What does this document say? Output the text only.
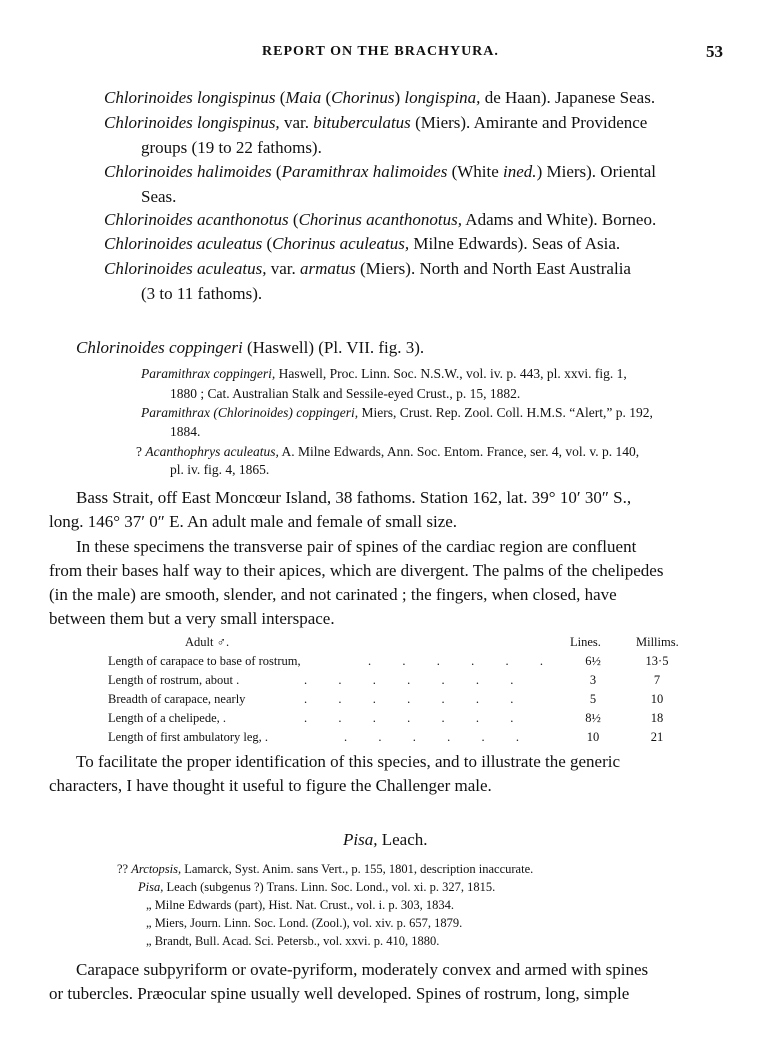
REPORT ON THE BRACHYURA.	53
Chlorinoides longispinus (Maia (Chorinus) longispina, de Haan). Japanese Seas.
Chlorinoides longispinus, var. bituberculatus (Miers). Amirante and Providence
groups (19 to 22 fathoms).
Chlorinoides halimoides (Paramithrax halimoides (White ined.) Miers). Oriental
Seas.
Chlorinoides acanthonotus (Chorinus acanthonotus, Adams and White). Borneo.
Chlorinoides aculeatus (Chorinus aculeatus, Milne Edwards). Seas of Asia.
Chlorinoides aculeatus, var. armatus (Miers). North and North East Australia
(3 to 11 fathoms).
Chlorinoides coppingeri (Haswell) (Pl. VII. fig. 3).
Paramithrax coppingeri, Haswell, Proc. Linn. Soc. N.S.W., vol. iv. p. 443, pl. xxvi. fig. 1,
1880 ; Cat. Australian Stalk and Sessile-eyed Crust., p. 15, 1882.
Paramithrax (Chlorinoides) coppingeri, Miers, Crust. Rep. Zool. Coll. H.M.S. “Alert,” p. 192,
1884.
? Acanthophrys aculeatus, A. Milne Edwards, Ann. Soc. Entom. France, ser. 4, vol. v. p. 140,
pl. iv. fig. 4, 1865.
Bass Strait, off East Moncœur Island, 38 fathoms. Station 162, lat. 39° 10′ 30″ S.,
long. 146° 37′ 0″ E. An adult male and female of small size.
In these specimens the transverse pair of spines of the cardiac region are confluent
from their bases half way to their apices, which are divergent. The palms of the chelipedes
(in the male) are smooth, slender, and not carinated ; the fingers, when closed, have
between them but a very small interspace.
Adult ♂.	Lines.	Millims.
Length of carapace to base of rostrum,	.          .          .          .          .          .	6½	13·5
Length of rostrum, about .	.          .          .          .          .          .          .	3	7
Breadth of carapace, nearly	.          .          .          .          .          .          .	5	10
Length of a chelipede, .	.          .          .          .          .          .          .	8½	18
Length of first ambulatory leg, .	.          .          .          .          .          .	10	21
To facilitate the proper identification of this species, and to illustrate the generic
characters, I have thought it useful to figure the Challenger male.
Pisa, Leach.
?? Arctopsis, Lamarck, Syst. Anim. sans Vert., p. 155, 1801, description inaccurate.
Pisa, Leach (subgenus ?) Trans. Linn. Soc. Lond., vol. xi. p. 327, 1815.
„ Milne Edwards (part), Hist. Nat. Crust., vol. i. p. 303, 1834.
„ Miers, Journ. Linn. Soc. Lond. (Zool.), vol. xiv. p. 657, 1879.
„ Brandt, Bull. Acad. Sci. Petersb., vol. xxvi. p. 410, 1880.
Carapace subpyriform or ovate-pyriform, moderately convex and armed with spines
or tubercles. Præocular spine usually well developed. Spines of rostrum, long, simple
